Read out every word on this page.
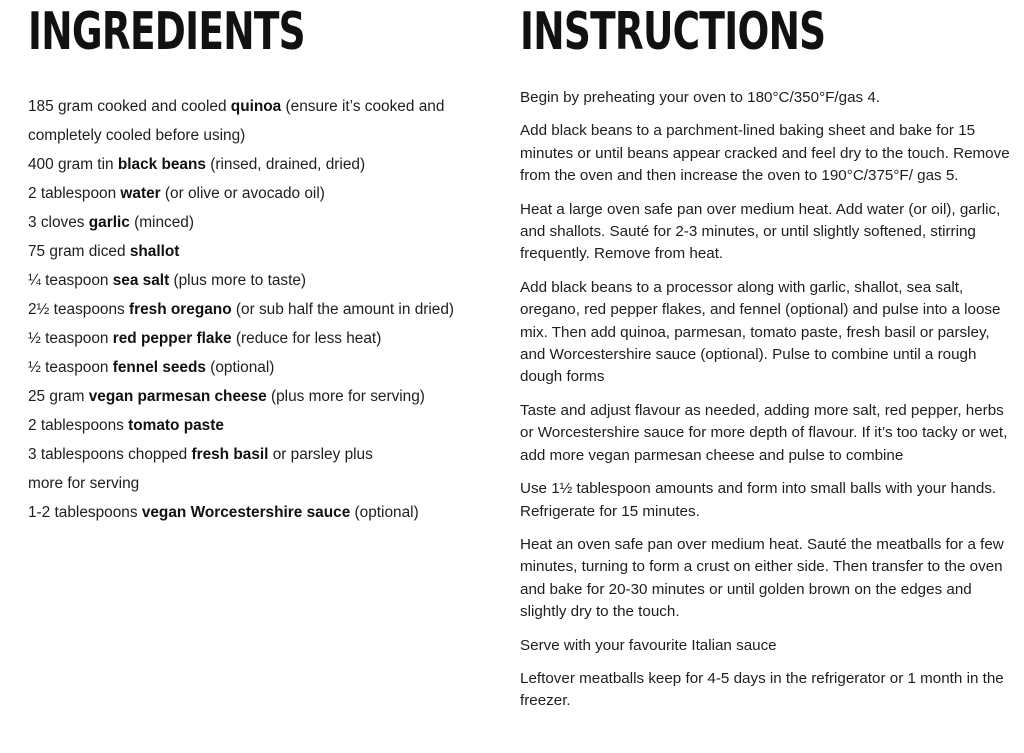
INGREDIENTS
185 gram cooked and cooled quinoa (ensure it’s cooked and
completely cooled before using)
400 gram tin black beans (rinsed, drained, dried)
2 tablespoon water (or olive or avocado oil)
3 cloves garlic (minced)
75 gram diced shallot
¼ teaspoon sea salt (plus more to taste)
2½ teaspoons fresh oregano (or sub half the amount in dried)
½ teaspoon red pepper flake (reduce for less heat)
½ teaspoon fennel seeds (optional)
25 gram vegan parmesan cheese (plus more for serving)
2 tablespoons tomato paste
3 tablespoons chopped fresh basil or parsley plus
more for serving
1-2 tablespoons vegan Worcestershire sauce (optional)
INSTRUCTIONS

Begin by preheating your oven to 180°C/350°F/gas 4.

Add black beans to a parchment-lined baking sheet and bake for 15 minutes or until beans appear cracked and feel dry to the touch. Remove from the oven and then increase the oven to 190°C/375°F/ gas 5.

Heat a large oven safe pan over medium heat. Add water (or oil), garlic, and shallots. Sauté for 2-3 minutes, or until slightly softened, stirring frequently. Remove from heat.

Add black beans to a processor along with garlic, shallot, sea salt, oregano, red pepper flakes, and fennel (optional) and pulse into a loose mix. Then add quinoa, parmesan, tomato paste, fresh basil or parsley, and Worcestershire sauce (optional). Pulse to combine until a rough dough forms

Taste and adjust flavour as needed, adding more salt, red pepper, herbs or Worcestershire sauce for more depth of flavour. If it’s too tacky or wet, add more vegan parmesan cheese and pulse to combine

Use 1½ tablespoon amounts and form into small balls with your hands. Refrigerate for 15 minutes.

Heat an oven safe pan over medium heat. Sauté the meatballs for a few minutes, turning to form a crust on either side. Then transfer to the oven and bake for 20-30 minutes or until golden brown on the edges and slightly dry to the touch.

Serve with your favourite Italian sauce

Leftover meatballs keep for 4-5 days in the refrigerator or 1 month in the freezer.
